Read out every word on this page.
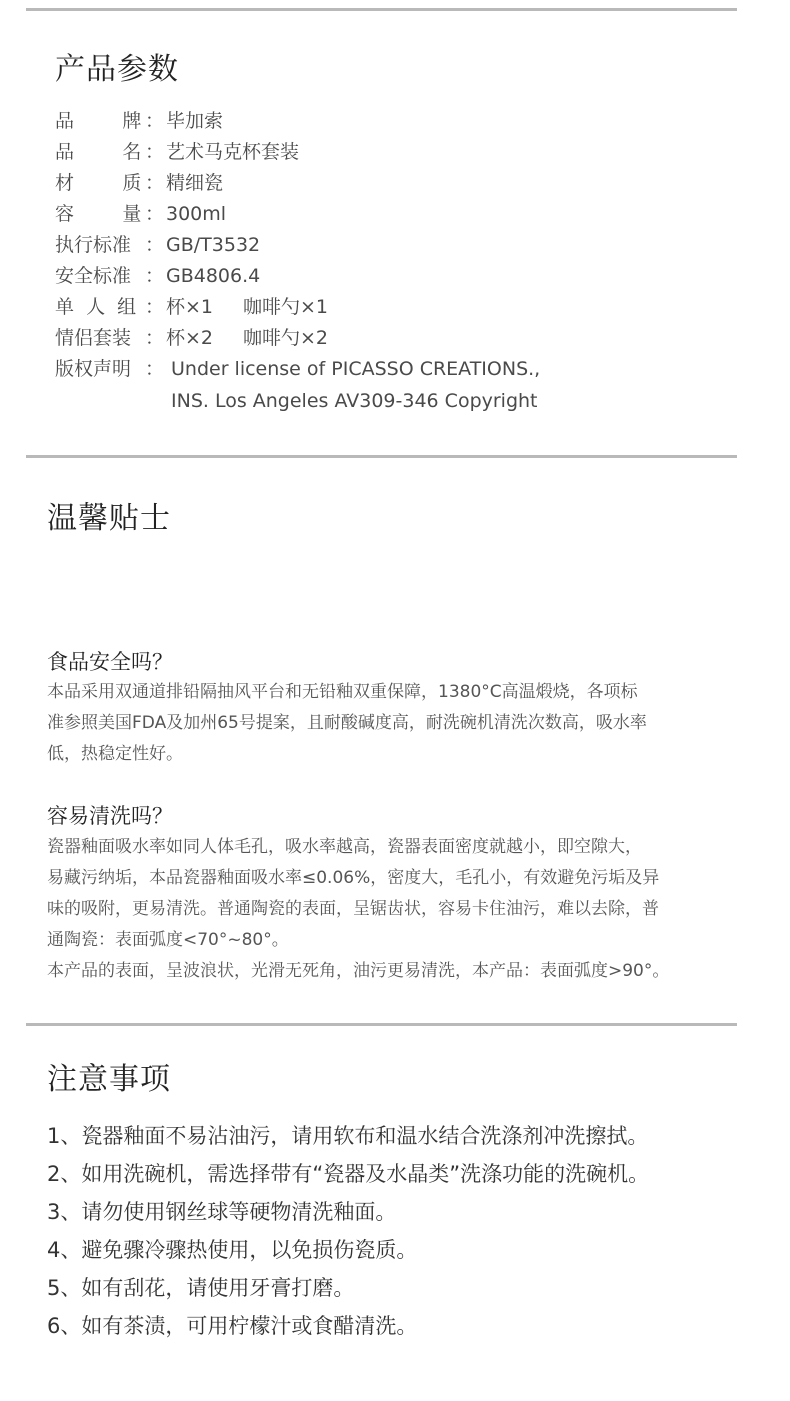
产品参数
品        牌 ： 毕加索
品        名 ： 艺术马克杯套装
材        质 ： 精细瓷
容        量 ： 300ml
执行标准 ： GB/T3532
安全标准 ： GB4806.4
单  人  组 ： 杯×1 咖啡勺×1
情侣套装 ： 杯×2 咖啡勺×2
版权声明 ： Under license of PICASSO CREATIONS.,
INS. Los Angeles AV309-346 Copyright
温馨贴士
食品安全吗？
本品采用双通道排铅隔抽风平台和无铅釉双重保障，1380°C高温煅烧，各项标
准参照美国FDA及加州65号提案，且耐酸碱度高，耐洗碗机清洗次数高，吸水率
低，热稳定性好。
容易清洗吗？
瓷器釉面吸水率如同人体毛孔，吸水率越高，瓷器表面密度就越小，即空隙大，
易藏污纳垢，本品瓷器釉面吸水率≤0.06%，密度大，毛孔小，有效避免污垢及异
味的吸附，更易清洗。普通陶瓷的表面，呈锯齿状，容易卡住油污，难以去除，普
通陶瓷：表面弧度<70°~80°。
本产品的表面，呈波浪状，光滑无死角，油污更易清洗，本产品：表面弧度>90°。
注意事项
1、瓷器釉面不易沾油污，请用软布和温水结合洗涤剂冲洗擦拭。
2、如用洗碗机，需选择带有“瓷器及水晶类”洗涤功能的洗碗机。
3、请勿使用钢丝球等硬物清洗釉面。
4、避免骤冷骤热使用，以免损伤瓷质。
5、如有刮花，请使用牙膏打磨。
6、如有茶渍，可用柠檬汁或食醋清洗。
